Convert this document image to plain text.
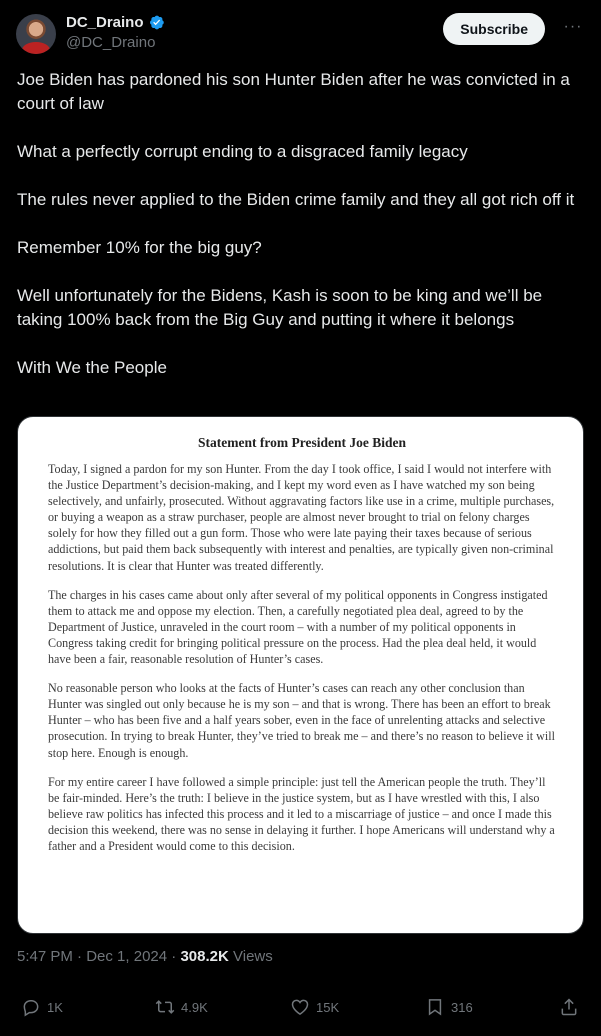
DC_Draino
@DC_Draino
Subscribe	···

Joe Biden has pardoned his son Hunter Biden after he was convicted in a court of law

What a perfectly corrupt ending to a disgraced family legacy

The rules never applied to the Biden crime family and they all got rich off it

Remember 10% for the big guy?

Well unfortunately for the Bidens, Kash is soon to be king and we’ll be taking 100% back from the Big Guy and putting it where it belongs

With We the People

Statement from President Joe Biden

Today, I signed a pardon for my son Hunter. From the day I took office, I said I would not interfere with the Justice Department’s decision-making, and I kept my word even as I have watched my son being selectively, and unfairly, prosecuted. Without aggravating factors like use in a crime, multiple purchases, or buying a weapon as a straw purchaser, people are almost never brought to trial on felony charges solely for how they filled out a gun form. Those who were late paying their taxes because of serious addictions, but paid them back subsequently with interest and penalties, are typically given non-criminal resolutions. It is clear that Hunter was treated differently.

The charges in his cases came about only after several of my political opponents in Congress instigated them to attack me and oppose my election. Then, a carefully negotiated plea deal, agreed to by the Department of Justice, unraveled in the court room – with a number of my political opponents in Congress taking credit for bringing political pressure on the process. Had the plea deal held, it would have been a fair, reasonable resolution of Hunter’s cases.

No reasonable person who looks at the facts of Hunter’s cases can reach any other conclusion than Hunter was singled out only because he is my son – and that is wrong. There has been an effort to break Hunter – who has been five and a half years sober, even in the face of unrelenting attacks and selective prosecution. In trying to break Hunter, they’ve tried to break me – and there’s no reason to believe it will stop here. Enough is enough.

For my entire career I have followed a simple principle: just tell the American people the truth. They’ll be fair-minded. Here’s the truth: I believe in the justice system, but as I have wrestled with this, I also believe raw politics has infected this process and it led to a miscarriage of justice – and once I made this decision this weekend, there was no sense in delaying it further. I hope Americans will understand why a father and a President would come to this decision.

5:47 PM · Dec 1, 2024 · 308.2K Views
1K	4.9K	15K	316
